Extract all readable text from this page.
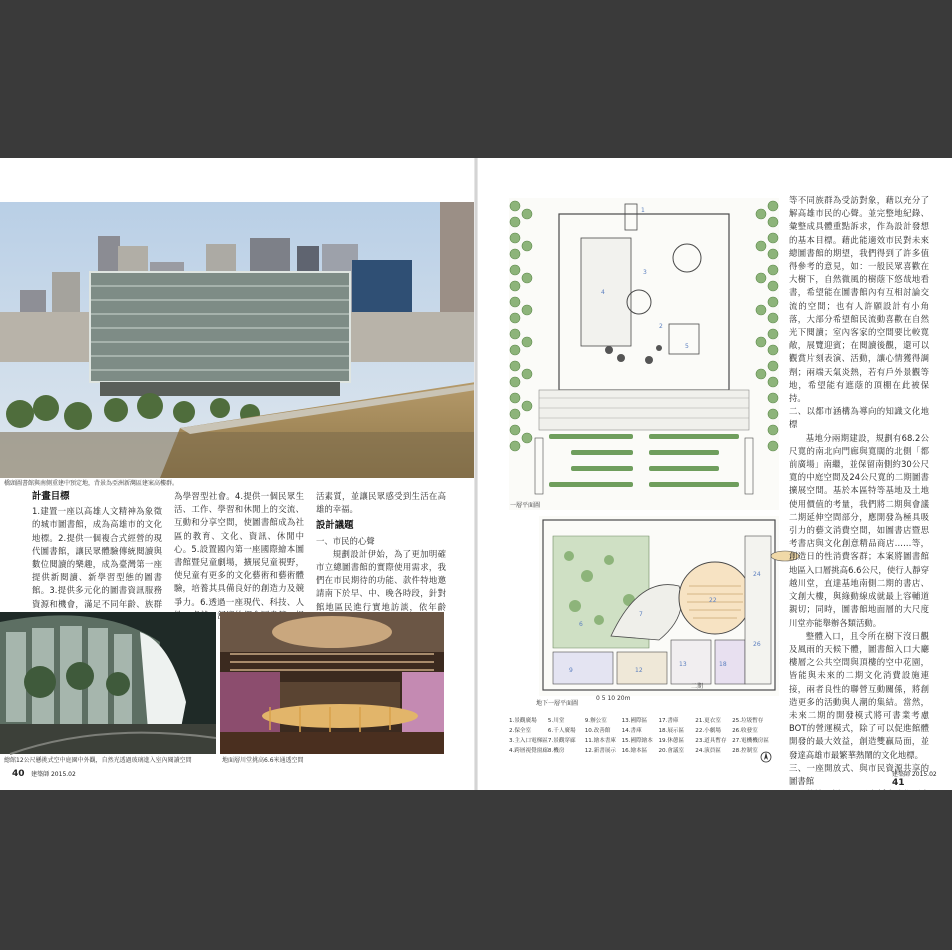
橋頭圖書館與南側重建中預定地，背景為亞洲新灣區建案高樓群。
計畫目標

1.建置一座以高雄人文精神為象徵的城市圖書館，成為高雄市的文化地標。2.提供一個複合式經營的現代圖書館，讓民眾體驗傳統閱讀與數位閱讀的樂趣，成為臺灣第一座提供新閱讀、新學習型態的圖書館。3.提供多元化的圖書資訊服務資源和機會，滿足不同年齡、族群

為學習型社會。4.提供一個民眾生活、工作、學習和休閒上的交流、互動和分享空間，使圖書館成為社區的教育、文化、資訊、休閒中心。5.設置國內第一座國際繪本圖書館暨兒童劇場，擴展兒童視野，使兒童有更多的文化藝術和藝術體驗，培養其具備良好的創造力及競爭力。6.透過一座現代、科技、人 、舒

活素質，並讓民眾感受到生活在高雄的幸福。

設計議題
一、市民的心聲

規劃設計伊始，為了更加明確市立總圖書館的實際使用需求，我們在市民期待的功能、款件特地邀請南下於早、中、晚各時段，針對館地區民進行實地訪談，依年齡

總館12公尺懸挑式空中庭園中外觀，自然光透過玻璃進入室內閱讀空間	地面層川堂挑高6.6米通透空間
40 建築師 2015.02
1
4
3
2
5
一層平面圖
6
7
22
13	18
24
9	12
26
地下一層平面圖
0 5 10 20m
二期
1.景觀廣場	5.川堂	9.辦公室	13.國際區	17.書庫	21.更衣室	25.垃圾暫存
2.保全室	6.千人廣場	10.改善館	14.書庫	18.展示區	22.小劇場	26.收發室
3.主入口電梯區 7.景觀穿廊	11.繪本書庫 15.國際繪本 19.休憩區	23.道具暫存 27.電機機房區
4.跨層視覺窗廊 8.機房	12.新書展示 16.繪本區	20.會議室	24.演員區	28.控制室

等不同族群為受訪對象，藉以充分了解高雄市民的心聲。並完整地紀錄、彙整成具體重點訴求，作為設計發想的基本目標。藉此能適效市民對未來總圖書館的期望，我們得到了許多值得參考的意見，如：一般民眾喜歡在大樹下，自然微風的樹蔭下悠哉地看書，希望能在圖書館內有互相討論交流的空間；也有人許願設計有小角落，大部分希望館民流動喜歡在自然光下閱讀；室內客家的空間要比較寬敞，展覽迎賓；在閱讀後觀，還可以觀賞片刻表演、活動，讓心情獲得調劑；兩端天氣炎熱，若有戶外景觀等地，希望能有遮蔭的頂棚在此被保持。

二、以都市涵構為導向的知識文化地標

基地分兩期建設，規劃有68.2公尺寬的南北向門廊與寬闊的北側「都前廣場」南繼，並保留南側約30公尺寬的中庭空間及24公尺寬的二期圖書擴展空間。基於本區特等基地及土地使用價值的考量，我們將二期與會議二期延伸空間部分，應開發為極具吸引力的藝文消費空間，如圖書店暨思考書店與文化創意精品商店……等，創造日的性消費客群；本案將圖書館地區入口層挑高6.6公尺，使行人靜穿越川堂，直達基地南側二期的書店、文創大樓，與綠動線成就最上容輔道親切；同時，圖書館地面層的大尺度川堂亦能舉辦各類活動。

整體入口，且令所在樹下沒日觀及風雨的天候下體，圖書館入口大廳樓層之公共空間與頂樓的空中花園，皆能與未來的二期文化消費設施連接，兩者良性的聯營互動關係，將創造更多的活動與人潮的集結。當然，未來二期的開發模式將可書業考慮BOT的營運模式，除了可以促進館體開發的最大效益，創造雙贏局面，並發達高雄市最繁華熱鬧的文化地標。

三、一座開放式、與市民資源共享的圖書館

建築師 2015.02 41
